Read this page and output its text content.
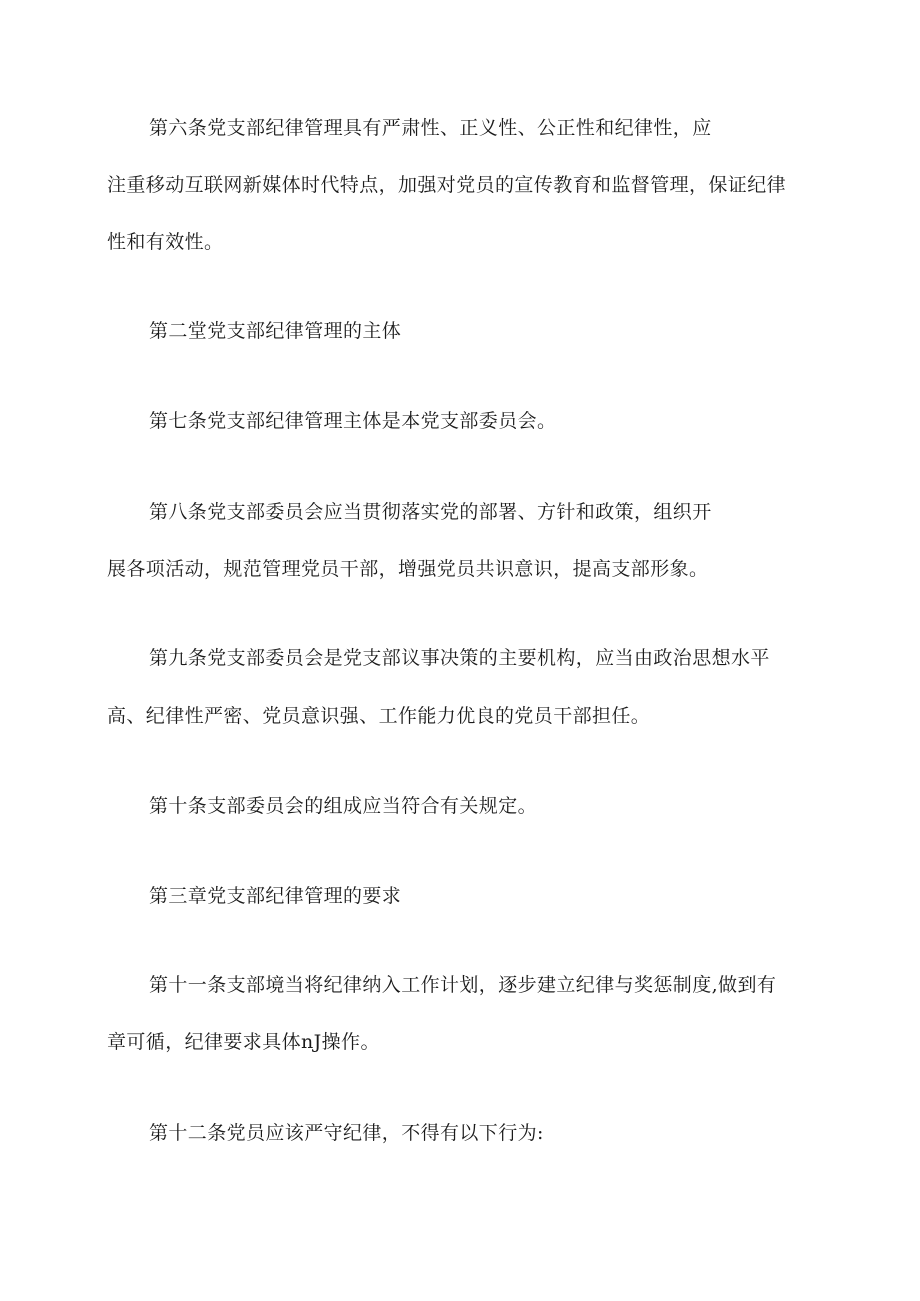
第六条党支部纪律管理具有严肃性、正义性、公正性和纪律性，应
注重移动互联网新媒体时代特点，加强对党员的宣传教育和监督管理，保证纪律
性和有效性。
第二堂党支部纪律管理的主体
第七条党支部纪律管理主体是本党支部委员会。
第八条党支部委员会应当贯彻落实党的部署、方针和政策，组织开
展各项活动，规范管理党员干部，增强党员共识意识，提高支部形象。
第九条党支部委员会是党支部议事决策的主要机构，应当由政治思想水平
高、纪律性严密、党员意识强、工作能力优良的党员干部担任。
第十条支部委员会的组成应当符合有关规定。
第三章党支部纪律管理的要求
第十一条支部境当将纪律纳入工作计划，逐步建立纪律与奖惩制度,做到有
章可循，纪律要求具体nJ操作。
第十二条党员应该严守纪律，不得有以下行为:
